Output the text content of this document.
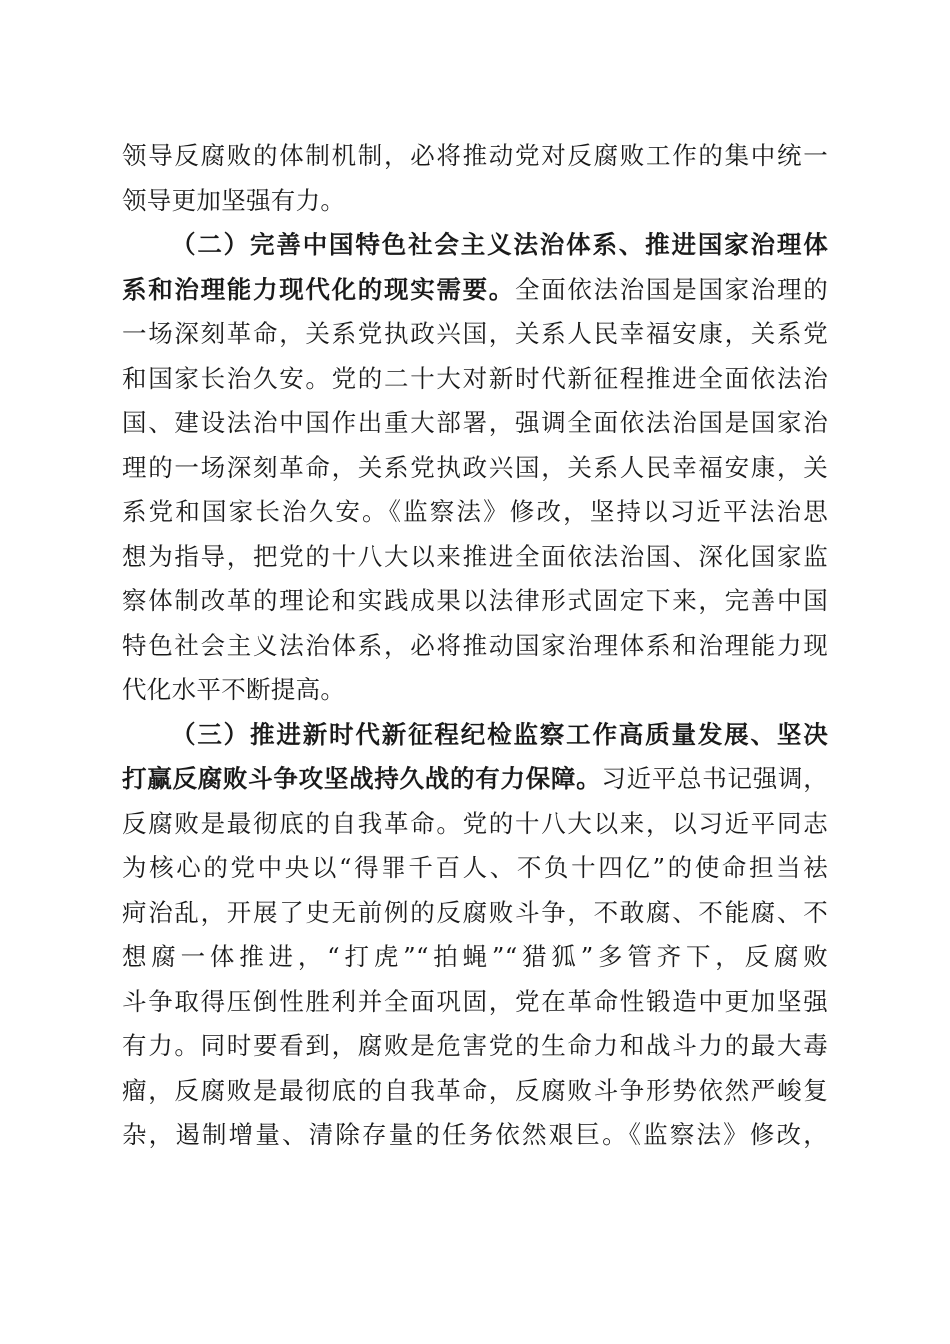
领导反腐败的体制机制，必将推动党对反腐败工作的集中统一
领导更加坚强有力。
（二）完善中国特色社会主义法治体系、推进国家治理体
系和治理能力现代化的现实需要。全面依法治国是国家治理的
一场深刻革命，关系党执政兴国，关系人民幸福安康，关系党
和国家长治久安。党的二十大对新时代新征程推进全面依法治
国、建设法治中国作出重大部署，强调全面依法治国是国家治
理的一场深刻革命，关系党执政兴国，关系人民幸福安康，关
系党和国家长治久安。《监察法》修改，坚持以习近平法治思
想为指导，把党的十八大以来推进全面依法治国、深化国家监
察体制改革的理论和实践成果以法律形式固定下来，完善中国
特色社会主义法治体系，必将推动国家治理体系和治理能力现
代化水平不断提高。
（三）推进新时代新征程纪检监察工作高质量发展、坚决
打赢反腐败斗争攻坚战持久战的有力保障。习近平总书记强调，
反腐败是最彻底的自我革命。党的十八大以来，以习近平同志
为核心的党中央以“得罪千百人、不负十四亿”的使命担当祛
疴治乱，开展了史无前例的反腐败斗争，不敢腐、不能腐、不
想腐一体推进，“打虎”“拍蝇”“猎狐”多管齐下，反腐败
斗争取得压倒性胜利并全面巩固，党在革命性锻造中更加坚强
有力。同时要看到，腐败是危害党的生命力和战斗力的最大毒
瘤，反腐败是最彻底的自我革命，反腐败斗争形势依然严峻复
杂，遏制增量、清除存量的任务依然艰巨。《监察法》修改，
